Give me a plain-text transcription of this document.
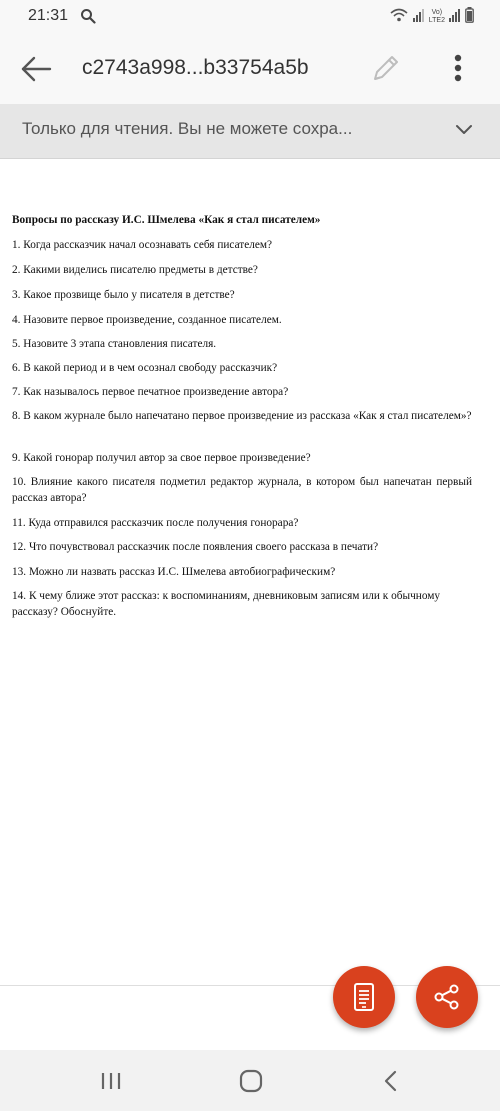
21:31	Vo)
LTE2
c2743a998...b33754a5b
Только для чтения. Вы не можете сохра...
Вопросы по рассказу И.С. Шмелева «Как я стал писателем»
1. Когда рассказчик начал осознавать себя писателем?
2. Какими виделись писателю предметы в детстве?
3. Какое прозвище было у писателя в детстве?
4. Назовите первое произведение, созданное писателем.
5. Назовите 3 этапа становления писателя.
6. В какой период и в чем осознал свободу рассказчик?
7. Как называлось первое печатное произведение автора?
8. В каком журнале было напечатано первое произведение из рассказа «Как я стал писателем»?
9. Какой гонорар получил автор за свое первое произведение?
10. Влияние какого писателя подметил редактор журнала, в котором был напечатан первый рассказ автора?
11. Куда отправился рассказчик после получения гонорара?
12. Что почувствовал рассказчик после появления своего рассказа в печати?
13. Можно ли назвать рассказ И.С. Шмелева автобиографическим?
14. К чему ближе этот рассказ: к воспоминаниям, дневниковым записям или к обычному рассказу? Обоснуйте.
